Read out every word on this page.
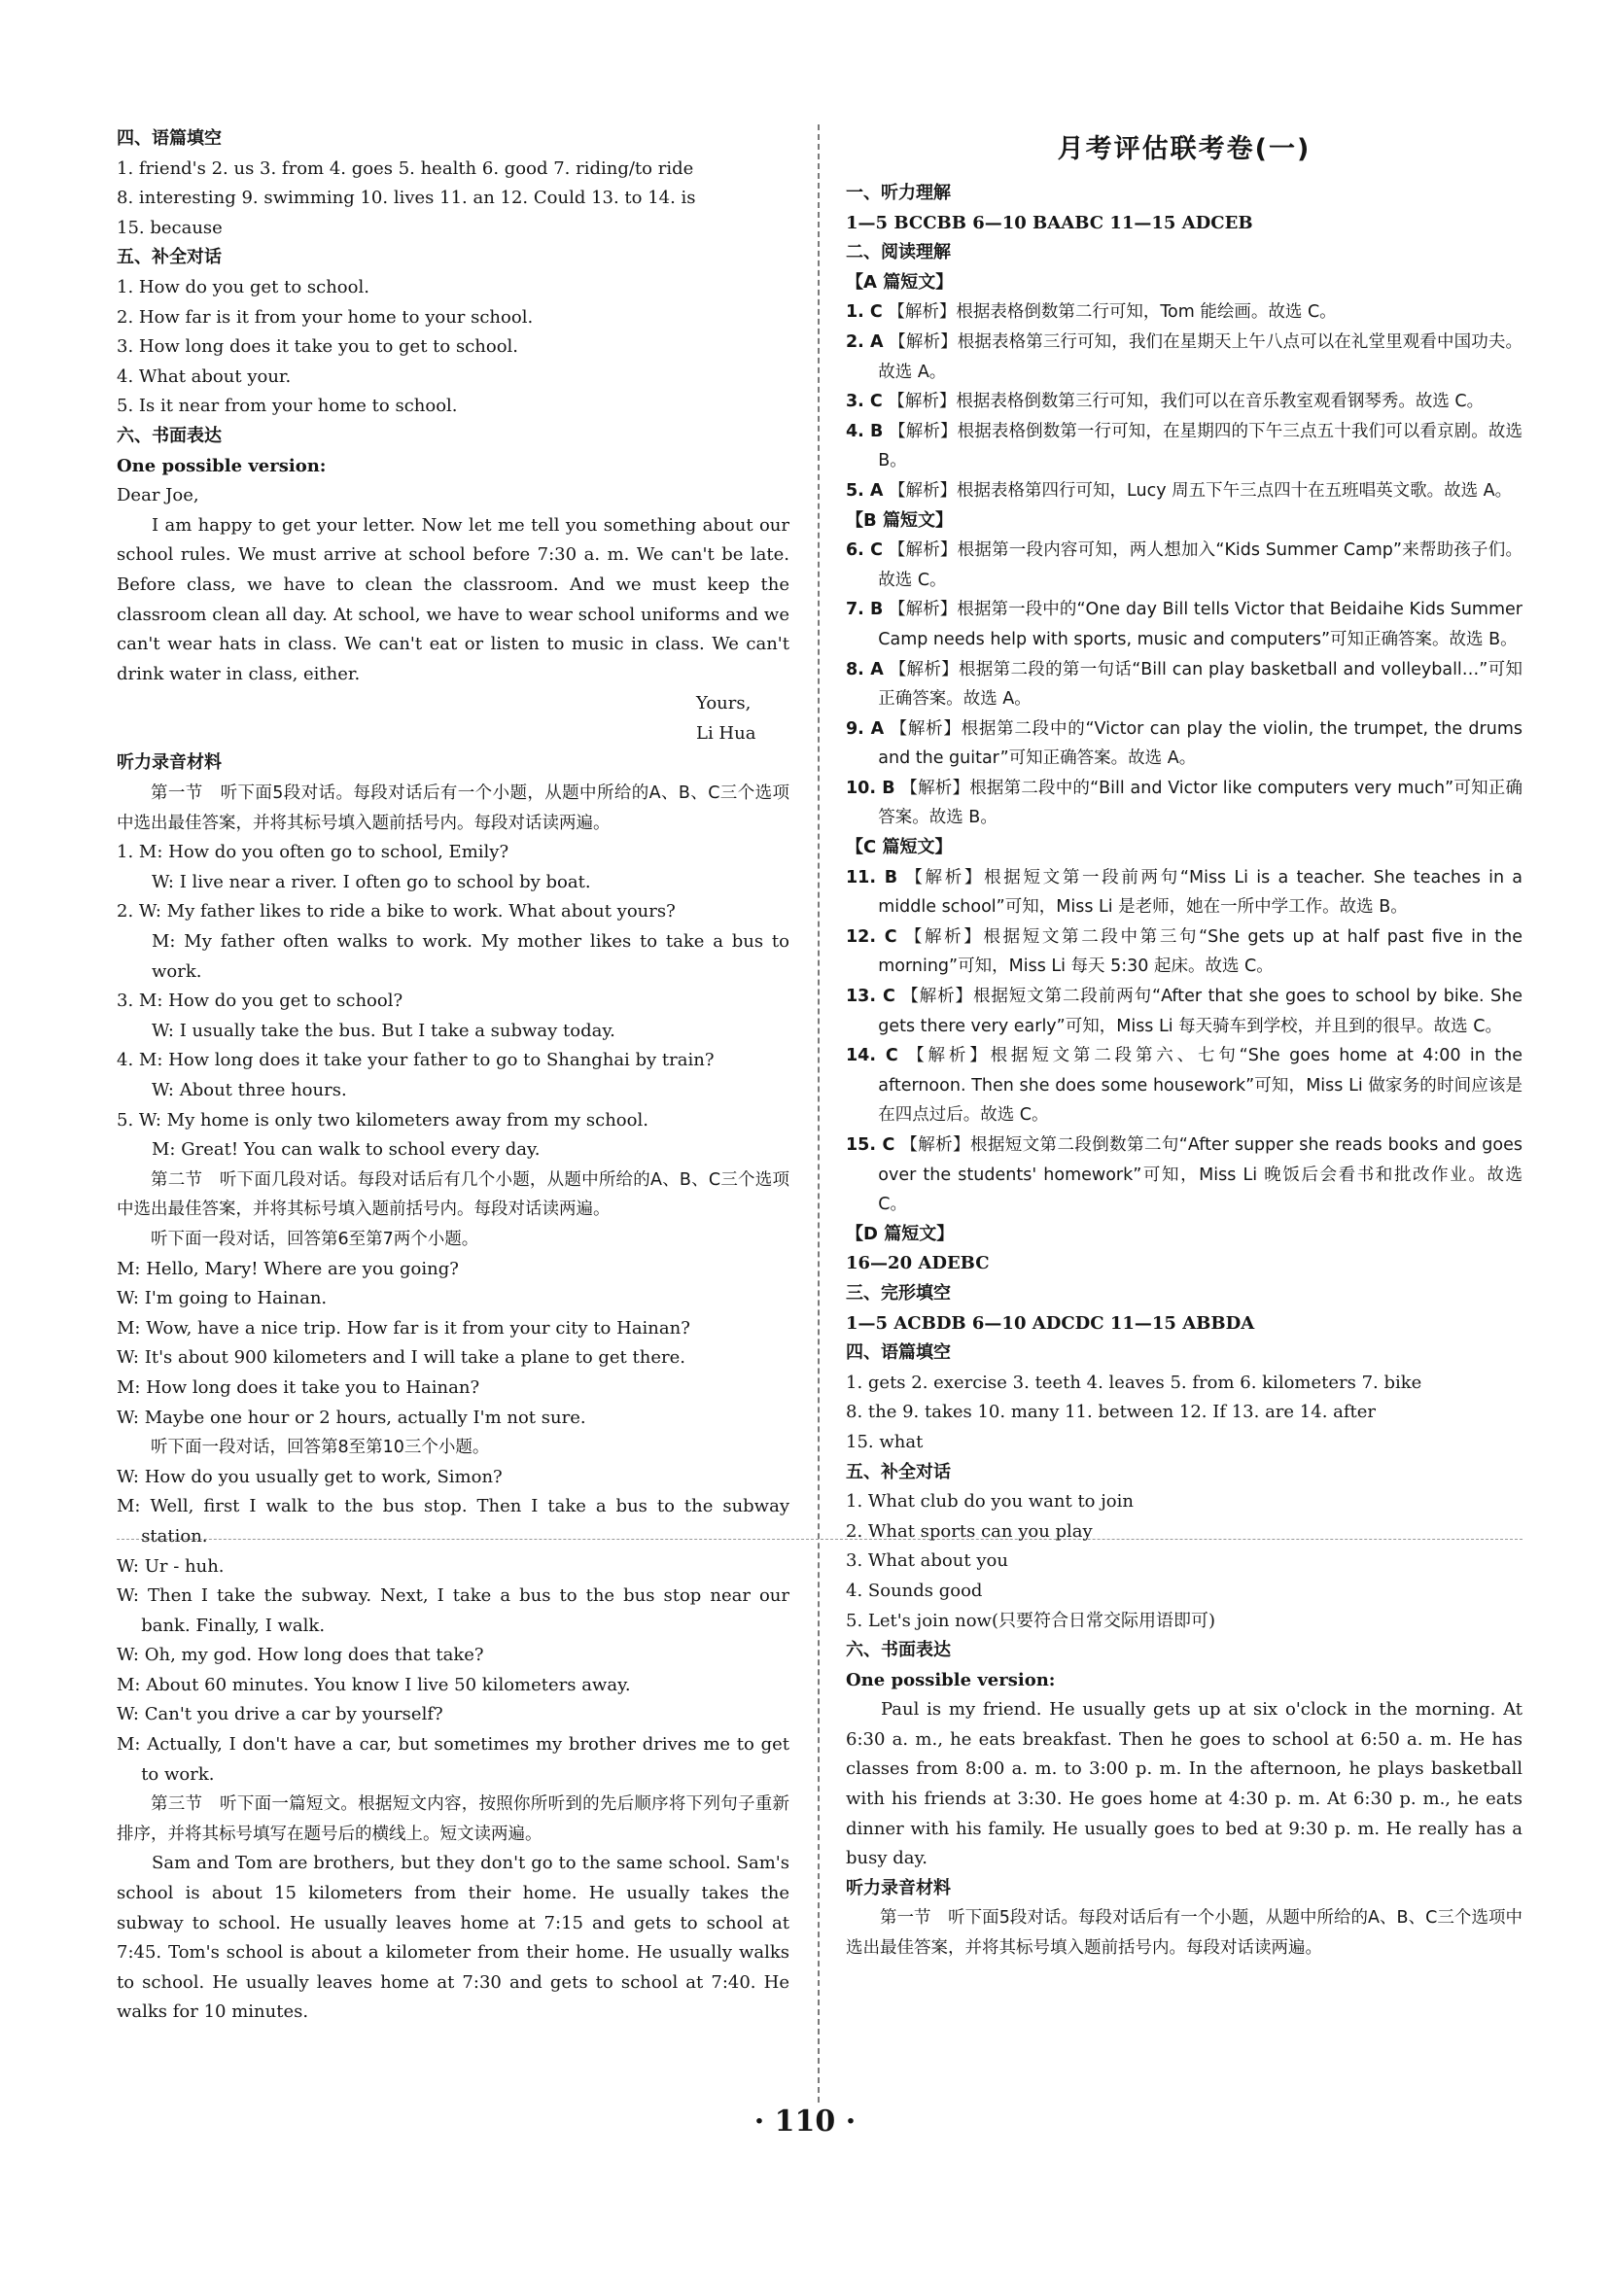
四、语篇填空
1. friend's 2. us 3. from 4. goes 5. health 6. good 7. riding/to ride
8. interesting 9. swimming 10. lives 11. an 12. Could 13. to 14. is
15. because
五、补全对话
1. How do you get to school.
2. How far is it from your home to your school.
3. How long does it take you to get to school.
4. What about your.
5. Is it near from your home to school.
六、书面表达
One possible version:
Dear Joe,
I am happy to get your letter. Now let me tell you something about our school rules. We must arrive at school before 7:30 a. m. We can't be late. Before class, we have to clean the classroom. And we must keep the classroom clean all day. At school, we have to wear school uniforms and we can't wear hats in class. We can't eat or listen to music in class. We can't drink water in class, either.
Yours,
Li Hua
听力录音材料
第一节　听下面5段对话。每段对话后有一个小题，从题中所给的A、B、C三个选项中选出最佳答案，并将其标号填入题前括号内。每段对话读两遍。
1. M: How do you often go to school, Emily?
W: I live near a river. I often go to school by boat.
2. W: My father likes to ride a bike to work. What about yours?
M: My father often walks to work. My mother likes to take a bus to work.
3. M: How do you get to school?
W: I usually take the bus. But I take a subway today.
4. M: How long does it take your father to go to Shanghai by train?
W: About three hours.
5. W: My home is only two kilometers away from my school.
M: Great! You can walk to school every day.
第二节　听下面几段对话。每段对话后有几个小题，从题中所给的A、B、C三个选项中选出最佳答案，并将其标号填入题前括号内。每段对话读两遍。
听下面一段对话，回答第6至第7两个小题。
M: Hello, Mary! Where are you going?
W: I'm going to Hainan.
M: Wow, have a nice trip. How far is it from your city to Hainan?
W: It's about 900 kilometers and I will take a plane to get there.
M: How long does it take you to Hainan?
W: Maybe one hour or 2 hours, actually I'm not sure.
听下面一段对话，回答第8至第10三个小题。
W: How do you usually get to work, Simon?
M: Well, first I walk to the bus stop. Then I take a bus to the subway station.
W: Ur - huh.
W: Then I take the subway. Next, I take a bus to the bus stop near our bank. Finally, I walk.
W: Oh, my god. How long does that take?
M: About 60 minutes. You know I live 50 kilometers away.
W: Can't you drive a car by yourself?
M: Actually, I don't have a car, but sometimes my brother drives me to get to work.
第三节　听下面一篇短文。根据短文内容，按照你所听到的先后顺序将下列句子重新排序，并将其标号填写在题号后的横线上。短文读两遍。
Sam and Tom are brothers, but they don't go to the same school. Sam's school is about 15 kilometers from their home. He usually takes the subway to school. He usually leaves home at 7:15 and gets to school at 7:45. Tom's school is about a kilometer from their home. He usually walks to school. He usually leaves home at 7:30 and gets to school at 7:40. He walks for 10 minutes.
月考评估联考卷(一)
一、听力理解
1—5 BCCBB 6—10 BAABC 11—15 ADCEB
二、阅读理解
【A 篇短文】
1. C 【解析】根据表格倒数第二行可知，Tom 能绘画。故选 C。
2. A 【解析】根据表格第三行可知，我们在星期天上午八点可以在礼堂里观看中国功夫。故选 A。
3. C 【解析】根据表格倒数第三行可知，我们可以在音乐教室观看钢琴秀。故选 C。
4. B 【解析】根据表格倒数第一行可知，在星期四的下午三点五十我们可以看京剧。故选 B。
5. A 【解析】根据表格第四行可知，Lucy 周五下午三点四十在五班唱英文歌。故选 A。
【B 篇短文】
6. C 【解析】根据第一段内容可知，两人想加入“Kids Summer Camp”来帮助孩子们。故选 C。
7. B 【解析】根据第一段中的“One day Bill tells Victor that Beidaihe Kids Summer Camp needs help with sports, music and computers”可知正确答案。故选 B。
8. A 【解析】根据第二段的第一句话“Bill can play basketball and volleyball…”可知正确答案。故选 A。
9. A 【解析】根据第二段中的“Victor can play the violin, the trumpet, the drums and the guitar”可知正确答案。故选 A。
10. B 【解析】根据第二段中的“Bill and Victor like computers very much”可知正确答案。故选 B。
【C 篇短文】
11. B 【解析】根据短文第一段前两句“Miss Li is a teacher. She teaches in a middle school”可知，Miss Li 是老师，她在一所中学工作。故选 B。
12. C 【解析】根据短文第二段中第三句“She gets up at half past five in the morning”可知，Miss Li 每天 5:30 起床。故选 C。
13. C 【解析】根据短文第二段前两句“After that she goes to school by bike. She gets there very early”可知，Miss Li 每天骑车到学校，并且到的很早。故选 C。
14. C 【解析】根据短文第二段第六、七句“She goes home at 4:00 in the afternoon. Then she does some housework”可知，Miss Li 做家务的时间应该是在四点过后。故选 C。
15. C 【解析】根据短文第二段倒数第二句“After supper she reads books and goes over the students' homework”可知，Miss Li 晚饭后会看书和批改作业。故选 C。
【D 篇短文】
16—20 ADEBC
三、完形填空
1—5 ACBDB 6—10 ADCDC 11—15 ABBDA
四、语篇填空
1. gets 2. exercise 3. teeth 4. leaves 5. from 6. kilometers 7. bike
8. the 9. takes 10. many 11. between 12. If 13. are 14. after
15. what
五、补全对话
1. What club do you want to join
2. What sports can you play
3. What about you
4. Sounds good
5. Let's join now(只要符合日常交际用语即可)
六、书面表达
One possible version:
Paul is my friend. He usually gets up at six o'clock in the morning. At 6:30 a. m., he eats breakfast. Then he goes to school at 6:50 a. m. He has classes from 8:00 a. m. to 3:00 p. m. In the afternoon, he plays basketball with his friends at 3:30. He goes home at 4:30 p. m. At 6:30 p. m., he eats dinner with his family. He usually goes to bed at 9:30 p. m. He really has a busy day.
听力录音材料
第一节　听下面5段对话。每段对话后有一个小题，从题中所给的A、B、C三个选项中选出最佳答案，并将其标号填入题前括号内。每段对话读两遍。
· 110 ·
